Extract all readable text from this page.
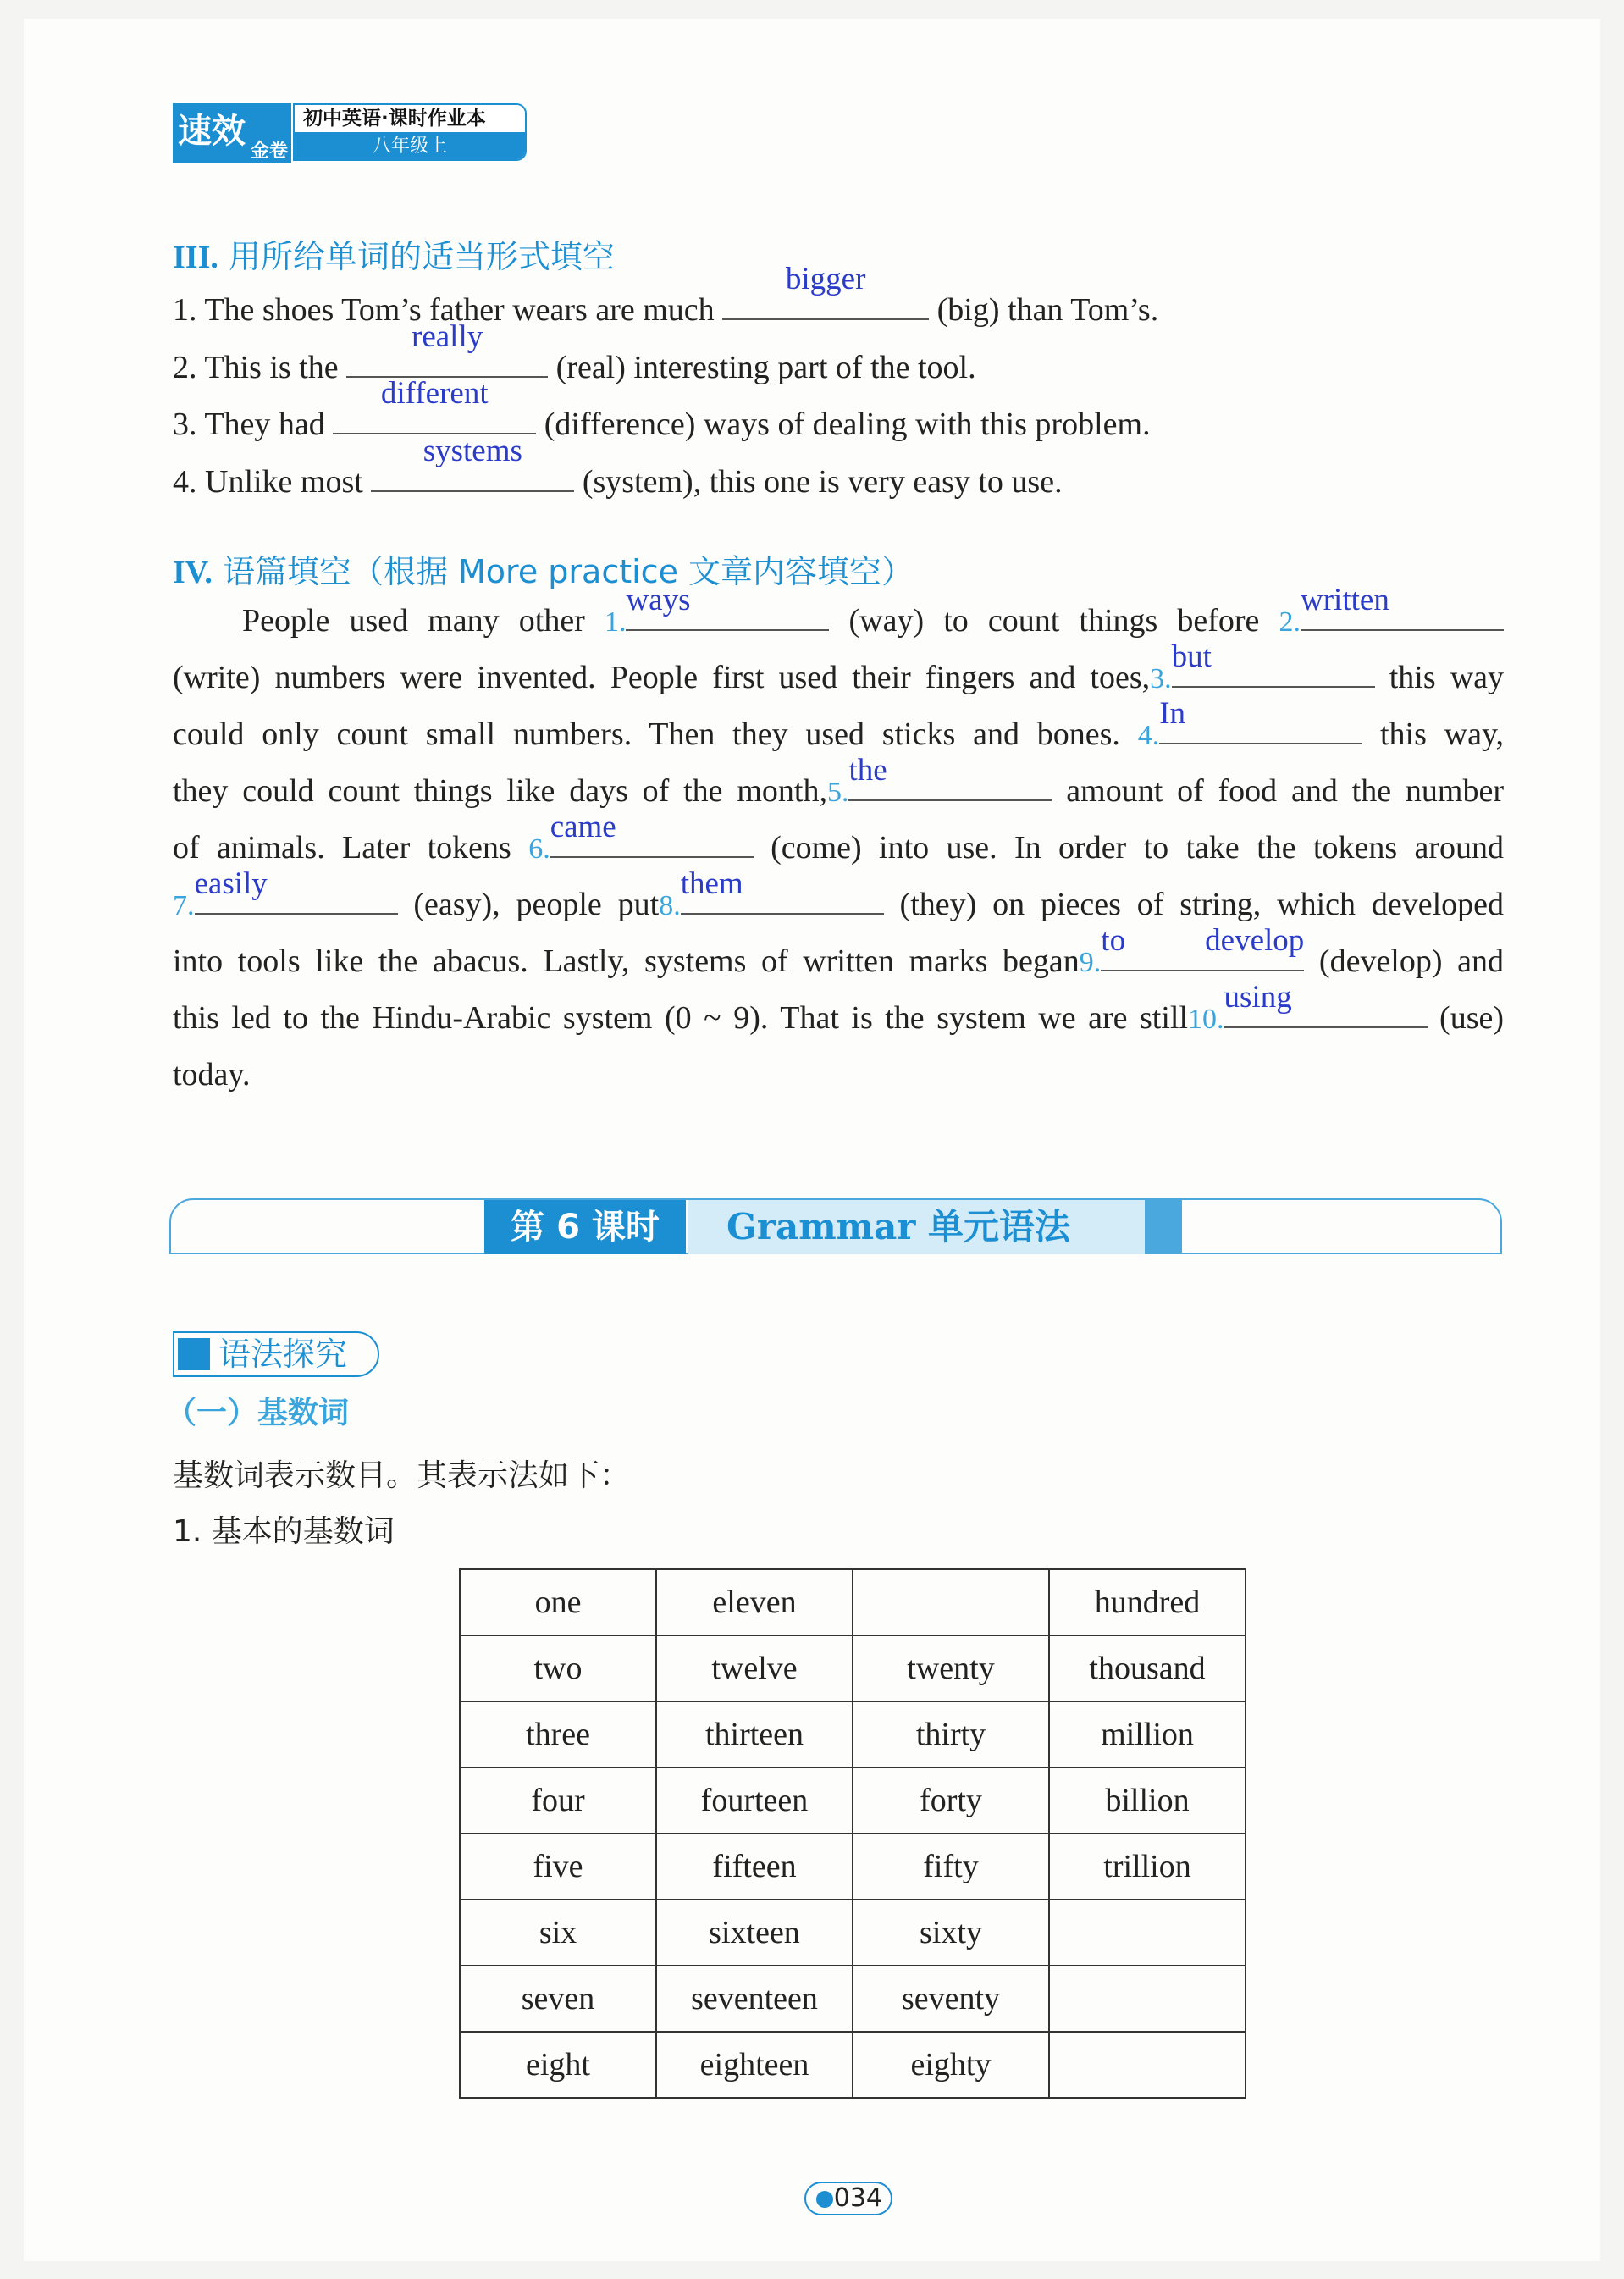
速效 金卷
初中英语·课时作业本
八年级上
III. 用所给单词的适当形式填空
1. The shoes Tom’s father wears are much
bigger
(big) than Tom’s.
2. This is the
really
(real) interesting part of the tool.
3. They had
different
(difference) ways of dealing with this problem.
4. Unlike most
systems
(system), this one is very easy to use.
IV. 语篇填空（根据 More practice 文章内容填空）
People used many other 1.
ways
(way) to count things before 2.
written
(write) numbers were invented. People first used their fingers and toes,3.
but
this way
could only count small numbers. Then they used sticks and bones. 4.
In
this way,
they could count things like days of the month,5.
the
amount of food and the number
of animals. Later tokens 6.
came
(come) into use. In order to take the tokens around
7.
easily
(easy), people put8.
them
(they) on pieces of string, which developed
into tools like the abacus. Lastly, systems of written marks began9.
to develop
(develop) and
this led to the Hindu-Arabic system (0 ~ 9). That is the system we are still10.
using
(use)
today.
第 6 课时	Grammar 单元语法
语法探究
（一）基数词
基数词表示数目。其表示法如下：
1. 基本的基数词
one	eleven		hundred
two	twelve	twenty	thousand
three	thirteen	thirty	million
four	fourteen	forty	billion
five	fifteen	fifty	trillion
six	sixteen	sixty	
seven	seventeen	seventy	
eight	eighteen	eighty	
034
